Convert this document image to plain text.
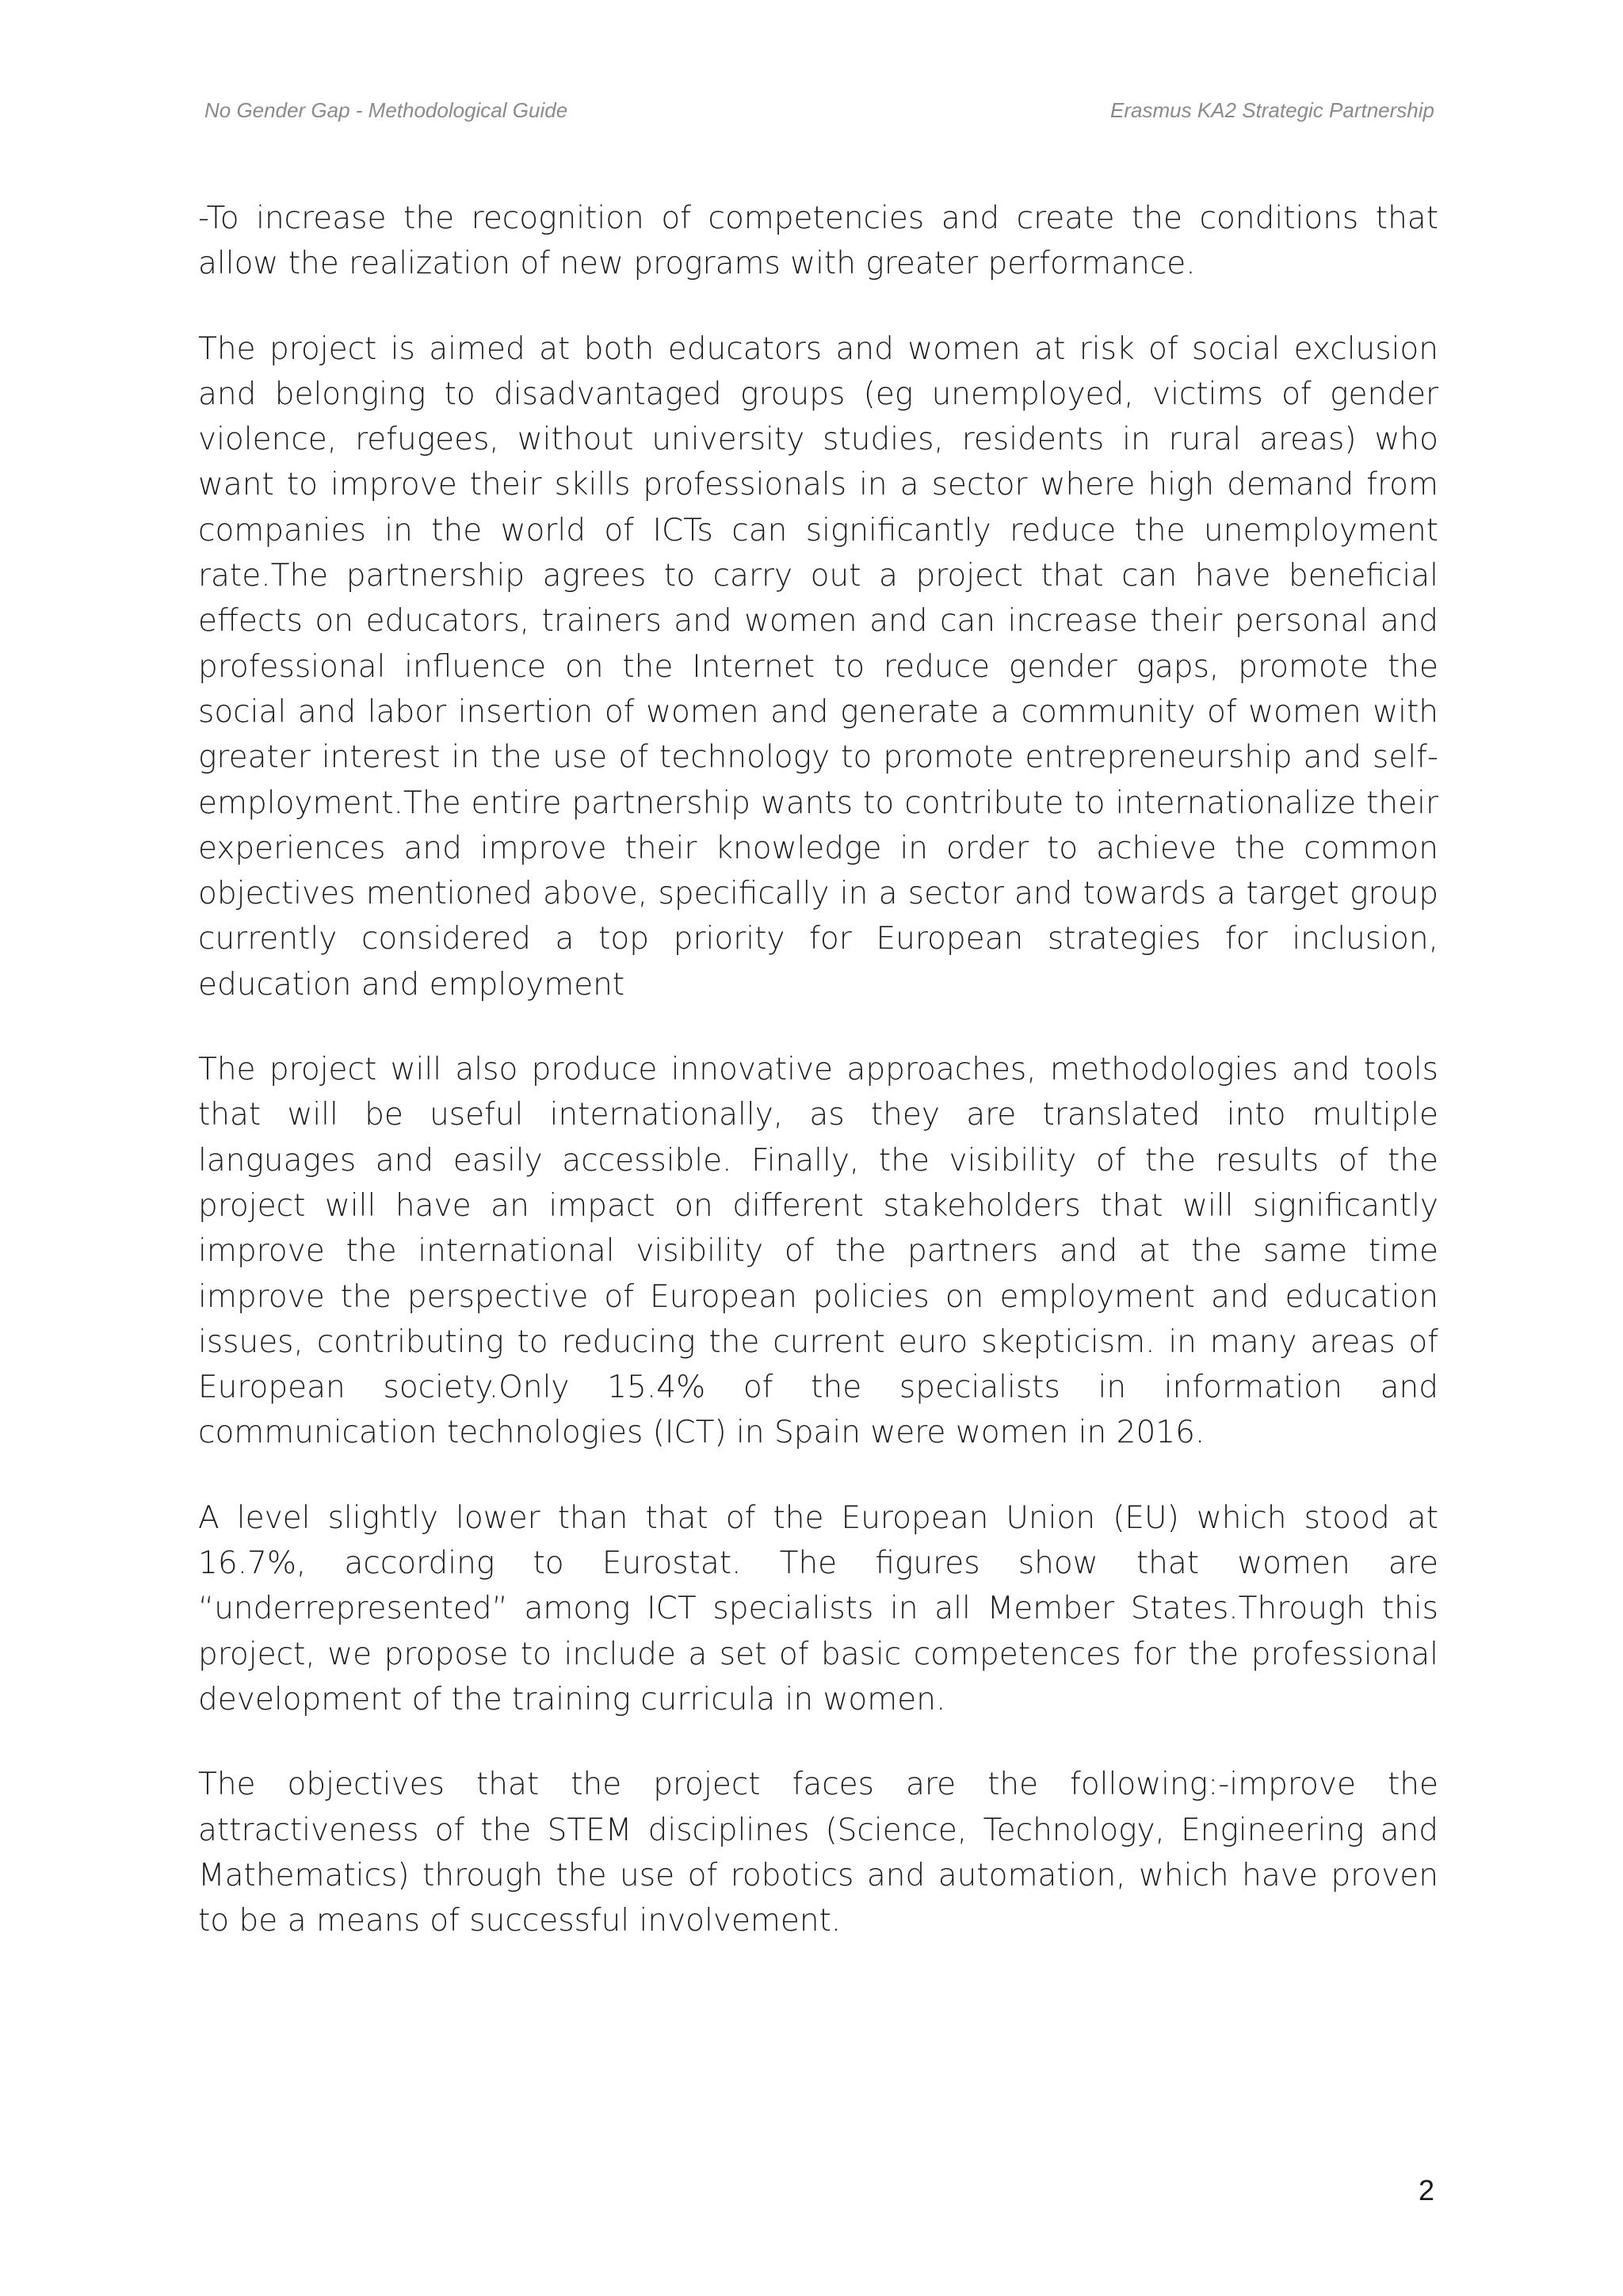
No Gender Gap - Methodological Guide	Erasmus KA2 Strategic Partnership

-To increase the recognition of competencies and create the conditions that allow the realization of new programs with greater performance.

The project is aimed at both educators and women at risk of social exclusion and belonging to disadvantaged groups (eg unemployed, victims of gender violence, refugees, without university studies, residents in rural areas) who want to improve their skills professionals in a sector where high demand from companies in the world of ICTs can significantly reduce the unemployment rate.The partnership agrees to carry out a project that can have beneficial effects on educators, trainers and women and can increase their personal and professional influence on the Internet to reduce gender gaps, promote the social and labor insertion of women and generate a community of women with greater interest in the use of technology to promote entrepreneurship and self-employment.The entire partnership wants to contribute to internationalize their experiences and improve their knowledge in order to achieve the common objectives mentioned above, specifically in a sector and towards a target group currently considered a top priority for European strategies for inclusion, education and employment

The project will also produce innovative approaches, methodologies and tools that will be useful internationally, as they are translated into multiple languages and easily accessible. Finally, the visibility of the results of the project will have an impact on different stakeholders that will significantly improve the international visibility of the partners and at the same time improve the perspective of European policies on employment and education issues, contributing to reducing the current euro skepticism. in many areas of European society.Only 15.4% of the specialists in information and communication technologies (ICT) in Spain were women in 2016.

A level slightly lower than that of the European Union (EU) which stood at 16.7%, according to Eurostat. The figures show that women are “underrepresented” among ICT specialists in all Member States.Through this project, we propose to include a set of basic competences for the professional development of the training curricula in women.

The objectives that the project faces are the following:-improve the attractiveness of the STEM disciplines (Science, Technology, Engineering and Mathematics) through the use of robotics and automation, which have proven to be a means of successful involvement.

2
